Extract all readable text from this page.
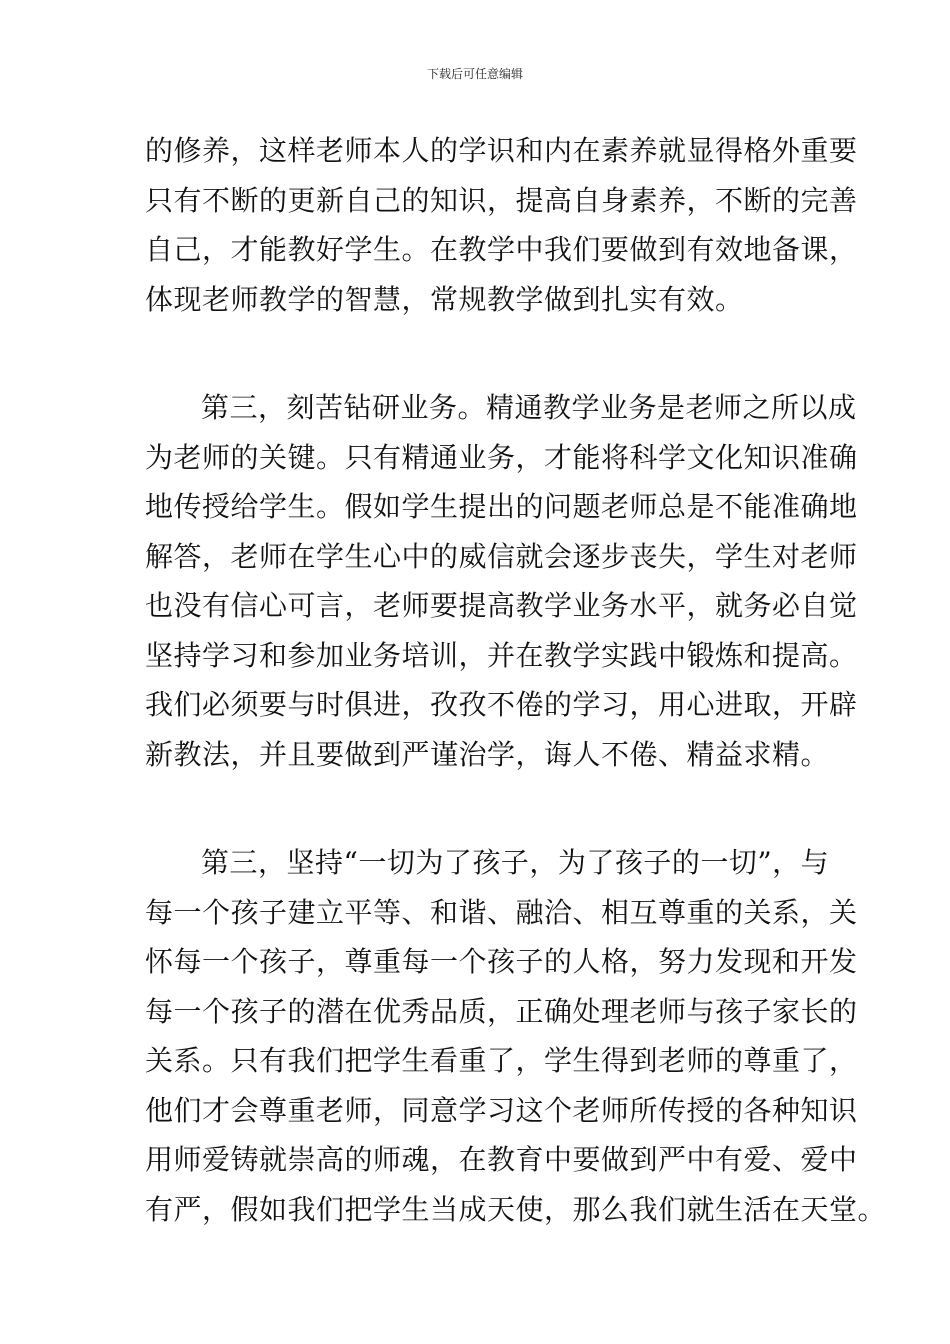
下载后可任意编辑

的修养，这样老师本人的学识和内在素养就显得格外重要
只有不断的更新自己的知识，提高自身素养，不断的完善
自己，才能教好学生。在教学中我们要做到有效地备课，
体现老师教学的智慧，常规教学做到扎实有效。

第三，刻苦钻研业务。精通教学业务是老师之所以成
为老师的关键。只有精通业务，才能将科学文化知识准确
地传授给学生。假如学生提出的问题老师总是不能准确地
解答，老师在学生心中的威信就会逐步丧失，学生对老师
也没有信心可言，老师要提高教学业务水平，就务必自觉
坚持学习和参加业务培训，并在教学实践中锻炼和提高。
我们必须要与时俱进，孜孜不倦的学习，用心进取，开辟
新教法，并且要做到严谨治学，诲人不倦、精益求精。

第三，坚持“一切为了孩子，为了孩子的一切”，与
每一个孩子建立平等、和谐、融洽、相互尊重的关系，关
怀每一个孩子，尊重每一个孩子的人格，努力发现和开发
每一个孩子的潜在优秀品质，正确处理老师与孩子家长的
关系。只有我们把学生看重了，学生得到老师的尊重了，
他们才会尊重老师，同意学习这个老师所传授的各种知识
用师爱铸就崇高的师魂，在教育中要做到严中有爱、爱中
有严，假如我们把学生当成天使，那么我们就生活在天堂。
